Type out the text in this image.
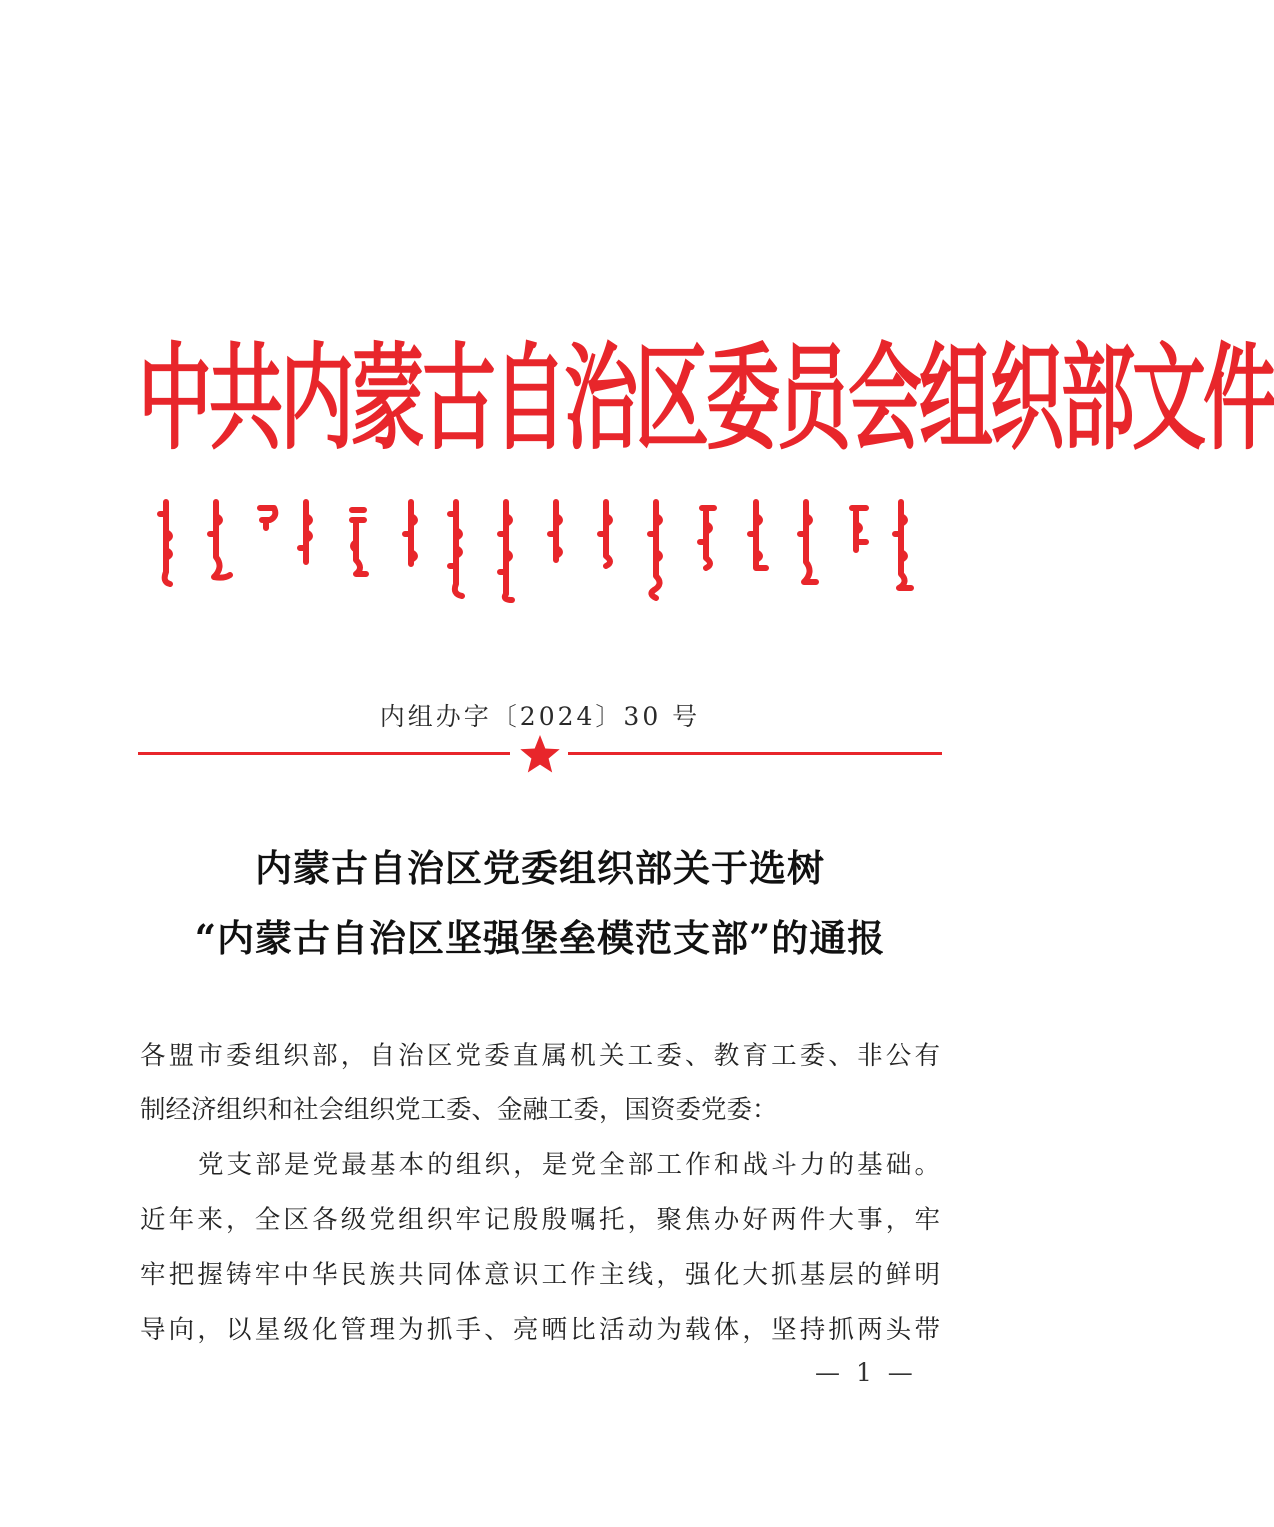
中 共 内 蒙 古 自 治 区 委 员 会 组 织 部 文 件
内组办字〔2024〕30 号
内蒙古自治区党委组织部关于选树
“内蒙古自治区坚强堡垒模范支部”的通报
各盟市委组织部，自治区党委直属机关工委、教育工委、非公有
制经济组织和社会组织党工委、金融工委，国资委党委：
党支部是党最基本的组织，是党全部工作和战斗力的基础。
近年来，全区各级党组织牢记殷殷嘱托，聚焦办好两件大事，牢
牢把握铸牢中华民族共同体意识工作主线，强化大抓基层的鲜明
导向，以星级化管理为抓手、亮晒比活动为载体，坚持抓两头带
— 1 —
